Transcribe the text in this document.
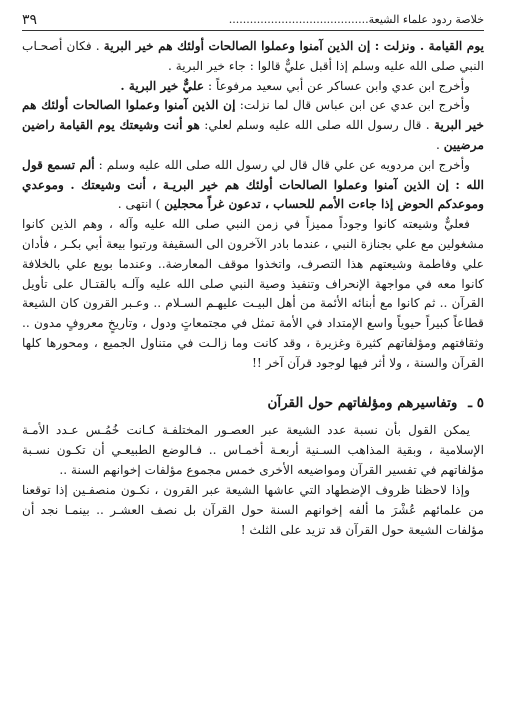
خلاصة ردود علماء الشيعة........................................
٣٩

يوم القيامة . ونزلت : إن الذين آمنوا وعملوا الصالحات أولئك هم خير البرية . فكان أصحـاب النبي صلى الله عليه وسلم إذا أقبل عليٌّ قالوا : جاء خير البرية .

وأخرج ابن عدي وابن عساكر عن أبي سعيد مرفوعاً : عليٌّ خير البرية .

وأخرج ابن عدي عن ابن عباس قال لما نزلت: إن الذين آمنوا وعملوا الصالحات أولئك هم خير البرية . قال رسول الله صلى الله عليه وسلم لعلي: هو أنت وشيعتك يوم القيامة راضين مرضيين .

وأخرج ابن مردويه عن علي قال قال لي رسول الله صلى الله عليه وسلم : ألم تسمع قول الله : إن الذين آمنوا وعملوا الصالحات أولئك هم خير البريـة ، أنت وشيعتك . وموعدي وموعدكم الحوض إذا جاءت الأمم للحساب ، تدعون غراً محجلين ) انتهى .

فعليٌّ وشيعته كانوا وجوداً مميزاً في زمن النبي صلى الله عليه وآله ، وهم الذين كانوا مشغولين مع علي بجنازة النبي ، عندما بادر الآخرون الى السقيفة ورتبوا بيعة أبي بكـر ، فأدان علي وفاطمة وشيعتهم هذا التصرف، واتخذوا موقف المعارضة.. وعندما بويع علي بالخلافة كانوا معه في مواجهة الإنحراف وتنفيذ وصية النبي صلى الله عليه وآلـه بالقتـال على تأويل القرآن .. ثم كانوا مع أبنائه الأئمة من أهل البيـت عليهـم السـلام .. وعـبر القرون كان الشيعة قطاعاً كبيراً حيوياً واسع الإمتداد في الأمة تمثل في مجتمعاتٍ ودول ، وتاريخٍ معروفٍ مدون .. وثقافتهم ومؤلفاتهم كثيرة وغزيرة ، وقد كانت وما زالـت في متناول الجميع ، ومحورها كلها القرآن والسنة ، ولا أثر فيها لوجود قرآن آخر !!

٥ ـ وتفاسيرهم ومؤلفاتهم حول القرآن

يمكن القول بأن نسبة عدد الشيعة عبر العصـور المختلفـة كـانت خُمُـس عـدد الأمـة الإسلامية ، وبقية المذاهب السـنية أربعـة أخمـاس .. فـالوضع الطبيعـي أن تكـون نسـبة مؤلفاتهم في تفسير القرآن ومواضيعه الأخرى خمس مجموع مؤلفات إخوانهم السنة ..

وإذا لاحظنا ظروف الإضطهاد التي عاشها الشيعة عبر القرون ، نكـون منصفـين إذا توقعنا من علمائهم عُشْرَ ما ألفه إخوانهم السنة حول القرآن بل نصف العشـر .. بينمـا نجد أن مؤلفات الشيعة حول القرآن قد تزيد على الثلث !
